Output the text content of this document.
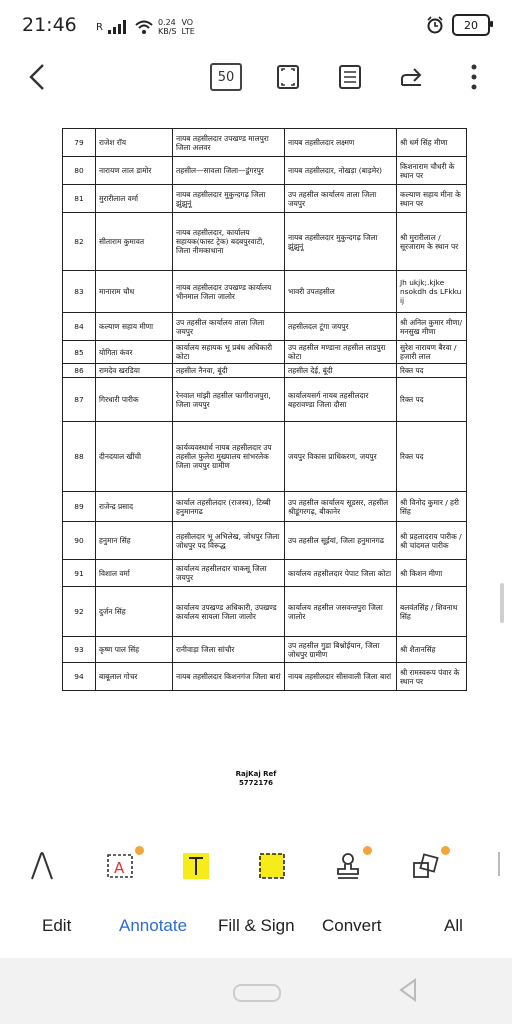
21:46 R	0.24
KB/S
VO
LTE	20
50
79	राजेश रॉय	नायब तहसीलदार उपखण्ड मालपुरा जिला अलवर	नायब तहसीलदार लक्ष्मण	श्री धर्म सिंह मीणा
80	नारायण लाल डामोर	तहसील—सावला जिला—डूंगरपुर	नायब तहसीलदार, नोखड़ा (बाड़मेर)	किशनाराम चौधरी के स्थान पर
81	मुरारीलाल वर्मा	नायब तहसीलदार मुकुन्दगढ़ जिला झुंझुनूं	उप तहसील कार्यालय ताला जिला जयपुर	कल्याण सहाय मीना के स्थान पर
82	सीताराम कुमावत	नायब तहसीलदार, कार्यालय सहायक(फास्ट ट्रेक) बदबपुरवाटी, जिला नीमकाथाना	नायब तहसीलदार मुकुन्दगढ़ जिला झुंझुनूं	श्री मुरारीलाल / सूरजाराम के स्थान पर
83	मानाराम चौध	नायब तहसीलदार उपखण्ड कार्यालय भीनमाल जिला जालोर	भावरी उपतहसील	Jh ukjk;.kjke nsokdh ds LFkku ij
84	कल्याण सहाय मीणा	उप तहसील कार्यालय ताला जिला जयपुर	तहसीलदल टूंगा जयपुर	श्री अनिल कुमार मीणा/ मनसुख मीणा
85	योगिता कंवर	कार्यालय सहायक भू प्रबंध अधिकारी कोटा	उप तहसील मण्डाना तहसील लाडपुरा कोटा	सुरेश नारायण बैरवा / हजारी लाल
86	रामदेव खरडिया	तहसील नैनवा, बूंदी	तहसील देई, बूंदी	रिक्त पद
87	गिरधारी पारीक	रेनवाल मांझी तहसील फागीराजपुरा, जिला जयपुर	कार्यालयसर्ग नायब तहसीलदार बहरावण्डा जिला दौसा	रिक्त पद
88	दीनदयाल खींची	कार्यव्यवस्थार्थ नायब तहसीलदार उप तहसील फुलेरा मुख्यालय सांभरलेक जिला जयपुर ग्रामीण	जयपुर विकास प्राधिकरण, जयपुर	रिक्त पद
89	राजेन्द्र प्रसाद	कार्याल तहसीलदार (राजस्व), टिब्बी हनुमानगढ	उप तहसील कार्यालय सूडसर, तहसील श्रीडूंगरगढ़, बीकानेर	श्री विनोद कुमार / हरी सिंह
90	हनुमान सिंह	तहसीलदार भू अभिलेख, जोधपुर जिला जोधपुर पद विरूद्ध	उप तहसील सूईयां, जिला हनुमानगढ	श्री प्रहलादराय पारीक / श्री चांदमल पारीक
91	विशाल वर्मा	कार्यालय तहसीलदार चाकसू जिला जयपुर	कार्यालय तहसीलदार पेपाट जिला कोटा	श्री किशन मीणा
92	दुर्जन सिंह	कार्यालय उपखण्ड अधिकारी, उपखण्ड कार्यालय सायला जिला जालोर	कार्यालय तहसील जसवन्तपुरा जिला जालोर	बलवंतसिंह / शिवनाथ सिंह
93	कृष्ण पाल सिंह	रानीवाड़ा जिला सांचौर	उप तहसील गुडा बिश्नोईयान, जिला जोधपुर ग्रामीण	श्री शैतानसिंह
94	बाबूलाल गोचर	नायब तहसीलदार किशनगंज जिला बारां	नायब तहसीलदार सीसवाली जिला बारां	श्री रामस्वरूप पंवार के स्थान पर
RajKaj Ref
5772176
A
Edit	Annotate Fill & Sign Convert	All
